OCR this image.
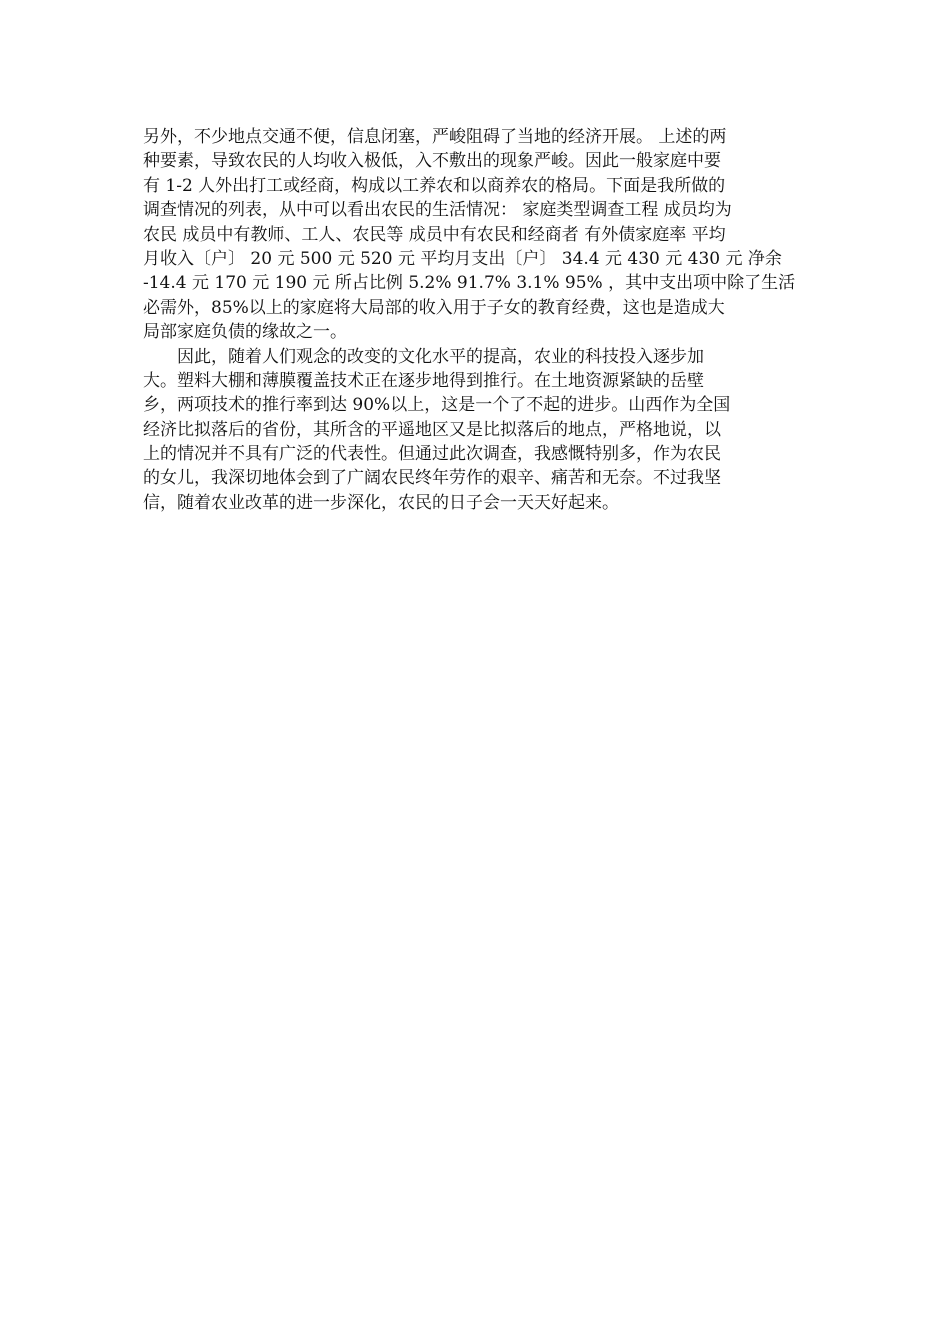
另外，不少地点交通不便，信息闭塞，严峻阻碍了当地的经济开展。 上述的两
种要素，导致农民的人均收入极低，入不敷出的现象严峻。因此一般家庭中要
有 1-2 人外出打工或经商，构成以工养农和以商养农的格局。下面是我所做的
调查情况的列表，从中可以看出农民的生活情况： 家庭类型调查工程 成员均为
农民 成员中有教师、工人、农民等 成员中有农民和经商者 有外债家庭率 平均
月收入〔户〕 20 元 500 元 520 元 平均月支出〔户〕 34.4 元 430 元 430 元 净余
-14.4 元 170 元 190 元 所占比例 5.2% 91.7% 3.1% 95% ，其中支出项中除了生活
必需外，85%以上的家庭将大局部的收入用于子女的教育经费，这也是造成大
局部家庭负债的缘故之一。
因此，随着人们观念的改变的文化水平的提高，农业的科技投入逐步加
大。塑料大棚和薄膜覆盖技术正在逐步地得到推行。在土地资源紧缺的岳壁
乡，两项技术的推行率到达 90%以上，这是一个了不起的进步。山西作为全国
经济比拟落后的省份，其所含的平遥地区又是比拟落后的地点，严格地说，以
上的情况并不具有广泛的代表性。但通过此次调查，我感慨特别多，作为农民
的女儿，我深切地体会到了广阔农民终年劳作的艰辛、痛苦和无奈。不过我坚
信，随着农业改革的进一步深化，农民的日子会一天天好起来。
